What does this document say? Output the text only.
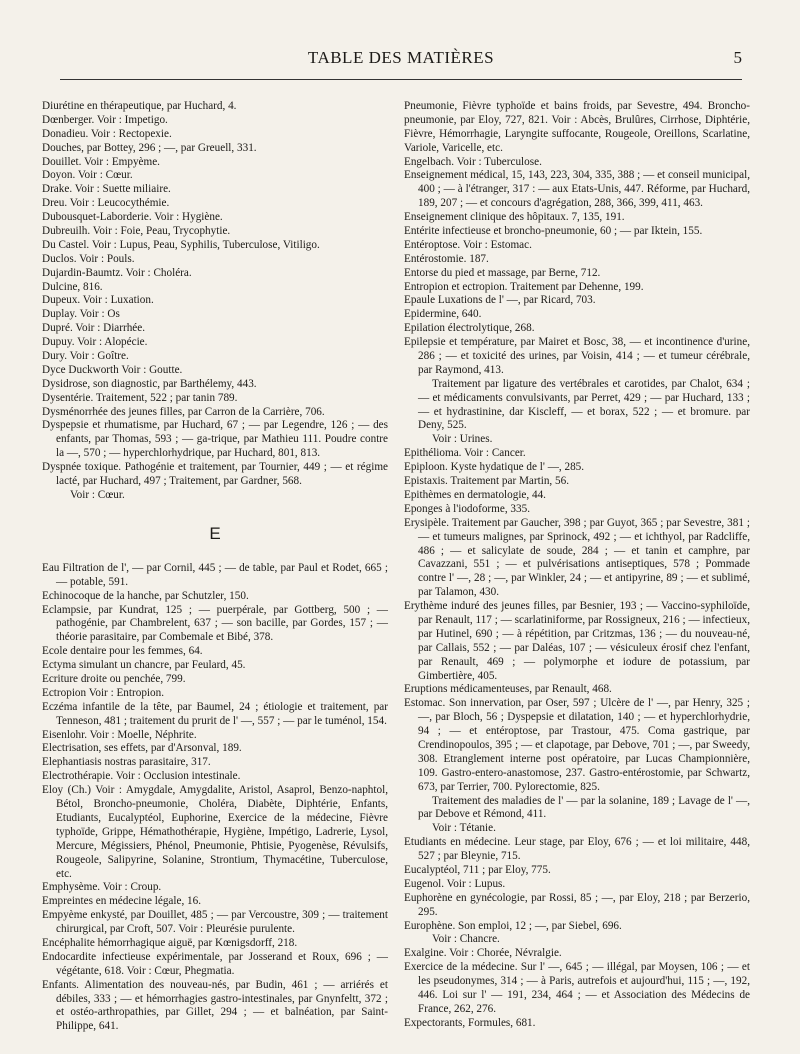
TABLE DES MATIÈRES	5

Diurétine en thérapeutique, par Huchard, 4.

Dœnberger. Voir : Impetigo.

Donadieu. Voir : Rectopexie.

Douches, par Bottey, 296 ; —, par Greuell, 331.

Douillet. Voir : Empyème.

Doyon. Voir : Cœur.

Drake. Voir : Suette miliaire.

Dreu. Voir : Leucocythémie.

Dubousquet-Laborderie. Voir : Hygiène.

Dubreuilh. Voir : Foie, Peau, Trycophytie.

Du Castel. Voir : Lupus, Peau, Syphilis, Tuberculose, Vitiligo.

Duclos. Voir : Pouls.

Dujardin-Baumtz. Voir : Choléra.

Dulcine, 816.

Dupeux. Voir : Luxation.

Duplay. Voir : Os

Dupré. Voir : Diarrhée.

Dupuy. Voir : Alopécie.

Dury. Voir : Goître.

Dyce Duckworth Voir : Goutte.

Dysidrose, son diagnostic, par Barthélemy, 443.

Dysentérie. Traitement, 522 ; par tanin 789.

Dysménorrhée des jeunes filles, par Carron de la Carrière, 706.

Dyspepsie et rhumatisme, par Huchard, 67 ; — par Legendre, 126 ; — des enfants, par Thomas, 593 ; — ga-trique, par Mathieu 111. Poudre contre la —, 570 ; — hyperchlorhydrique, par Huchard, 801, 813.

Dyspnée toxique. Pathogénie et traitement, par Tournier, 449 ; — et régime lacté, par Huchard, 497 ; Traitement, par Gardner, 568.

Voir : Cœur.

E

Eau Filtration de l', — par Cornil, 445 ; — de table, par Paul et Rodet, 665 ; — potable, 591.

Echinocoque de la hanche, par Schutzler, 150.

Eclampsie, par Kundrat, 125 ; — puerpérale, par Gottberg, 500 ; — pathogénie, par Chambrelent, 637 ; — son bacille, par Gordes, 157 ; — théorie parasitaire, par Combemale et Bibé, 378.

Ecole dentaire pour les femmes, 64.

Ectyma simulant un chancre, par Feulard, 45.

Ecriture droite ou penchée, 799.

Ectropion Voir : Entropion.

Eczéma infantile de la tête, par Baumel, 24 ; étiologie et traitement, par Tenneson, 481 ; traitement du prurit de l' —, 557 ; — par le tuménol, 154.

Eisenlohr. Voir : Moelle, Néphrite.

Electrisation, ses effets, par d'Arsonval, 189.

Elephantiasis nostras parasitaire, 317.

Electrothérapie. Voir : Occlusion intestinale.

Eloy (Ch.) Voir : Amygdale, Amygdalite, Aristol, Asaprol, Benzo-naphtol, Bétol, Broncho-pneumonie, Choléra, Diabète, Diphtérie, Enfants, Etudiants, Eucalyptéol, Euphorine, Exercice de la médecine, Fièvre typhoïde, Grippe, Hémathothérapie, Hygiène, Impétigo, Ladrerie, Lysol, Mercure, Mégissiers, Phénol, Pneumonie, Phtisie, Pyogenèse, Révulsifs, Rougeole, Salipyrine, Solanine, Strontium, Thymacétine, Tuberculose, etc.

Emphysème. Voir : Croup.

Empreintes en médecine légale, 16.

Empyème enkysté, par Douillet, 485 ; — par Vercoustre, 309 ; — traitement chirurgical, par Croft, 507. Voir : Pleurésie purulente.

Encéphalite hémorrhagique aiguë, par Kœnigsdorff, 218.

Endocardite infectieuse expérimentale, par Josserand et Roux, 696 ; — végétante, 618. Voir : Cœur, Phegmatia.

Enfants. Alimentation des nouveau-nés, par Budin, 461 ; — arriérés et débiles, 333 ; — et hémorrhagies gastro-intestinales, par Gnynfeltt, 372 ; et ostéo-arthropathies, par Gillet, 294 ; — et balnéation, par Saint-Philippe, 641.

Pneumonie, Fièvre typhoïde et bains froids, par Sevestre, 494. Broncho-pneumonie, par Eloy, 727, 821. Voir : Abcès, Brulûres, Cirrhose, Diphtérie, Fièvre, Hémorrhagie, Laryngite suffocante, Rougeole, Oreillons, Scarlatine, Variole, Varicelle, etc.

Engelbach. Voir : Tuberculose.

Enseignement médical, 15, 143, 223, 304, 335, 388 ; — et conseil municipal, 400 ; — à l'étranger, 317 : — aux Etats-Unis, 447. Réforme, par Huchard, 189, 207 ; — et concours d'agrégation, 288, 366, 399, 411, 463.

Enseignement clinique des hôpitaux. 7, 135, 191.

Entérite infectieuse et broncho-pneumonie, 60 ; — par Iktein, 155.

Entéroptose. Voir : Estomac.

Entérostomie. 187.

Entorse du pied et massage, par Berne, 712.

Entropion et ectropion. Traitement par Dehenne, 199.

Epaule Luxations de l' —, par Ricard, 703.

Epidermine, 640.

Epilation électrolytique, 268.

Epilepsie et température, par Mairet et Bosc, 38, — et incontinence d'urine, 286 ; — et toxicité des urines, par Voisin, 414 ; — et tumeur cérébrale, par Raymond, 413.

Traitement par ligature des vertébrales et carotides, par Chalot, 634 ; — et médicaments convulsivants, par Perret, 429 ; — par Huchard, 133 ; — et hydrastinine, dar Kiscleff, — et borax, 522 ; — et bromure. par Deny, 525.

Voir : Urines.

Epithélioma. Voir : Cancer.

Epiploon. Kyste hydatique de l' —, 285.

Epistaxis. Traitement par Martin, 56.

Epithèmes en dermatologie, 44.

Eponges à l'iodoforme, 335.

Erysipèle. Traitement par Gaucher, 398 ; par Guyot, 365 ; par Sevestre, 381 ; — et tumeurs malignes, par Sprinock, 492 ; — et ichthyol, par Radcliffe, 486 ; — et salicylate de soude, 284 ; — et tanin et camphre, par Cavazzani, 551 ; — et pulvérisations antiseptiques, 578 ; Pommade contre l' —, 28 ; —, par Winkler, 24 ; — et antipyrine, 89 ; — et sublimé, par Talamon, 430.

Erythème induré des jeunes filles, par Besnier, 193 ; — Vaccino-syphiloïde, par Renault, 117 ; — scarlatiniforme, par Rossigneux, 216 ; — infectieux, par Hutinel, 690 ; — à répétition, par Critzmas, 136 ; — du nouveau-né, par Callais, 552 ; — par Daléas, 107 ; — vésiculeux érosif chez l'enfant, par Renault, 469 ; — polymorphe et iodure de potassium, par Gimbertière, 405.

Eruptions médicamenteuses, par Renault, 468.

Estomac. Son innervation, par Oser, 597 ; Ulcère de l' —, par Henry, 325 ; —, par Bloch, 56 ; Dyspepsie et dilatation, 140 ; — et hyperchlorhydrie, 94 ; — et entéroptose, par Trastour, 475. Coma gastrique, par Crendinopoulos, 395 ; — et clapotage, par Debove, 701 ; —, par Sweedy, 308. Etranglement interne post opératoire, par Lucas Championnière, 109. Gastro-entero-anastomose, 237. Gastro-entérostomie, par Schwartz, 673, par Terrier, 700. Pylorectomie, 825.

Traitement des maladies de l' — par la solanine, 189 ; Lavage de l' —, par Debove et Rémond, 411.

Voir : Tétanie.

Etudiants en médecine. Leur stage, par Eloy, 676 ; — et loi militaire, 448, 527 ; par Bleynie, 715.

Eucalyptéol, 711 ; par Eloy, 775.

Eugenol. Voir : Lupus.

Euphorène en gynécologie, par Rossi, 85 ; —, par Eloy, 218 ; par Berzerio, 295.

Europhène. Son emploi, 12 ; —, par Siebel, 696.

Voir : Chancre.

Exalgine. Voir : Chorée, Névralgie.

Exercice de la médecine. Sur l' —, 645 ; — illégal, par Moysen, 106 ; — et les pseudonymes, 314 ; — à Paris, autrefois et aujourd'hui, 115 ; —, 192, 446. Loi sur l' — 191, 234, 464 ; — et Association des Médecins de France, 262, 276.

Expectorants, Formules, 681.
